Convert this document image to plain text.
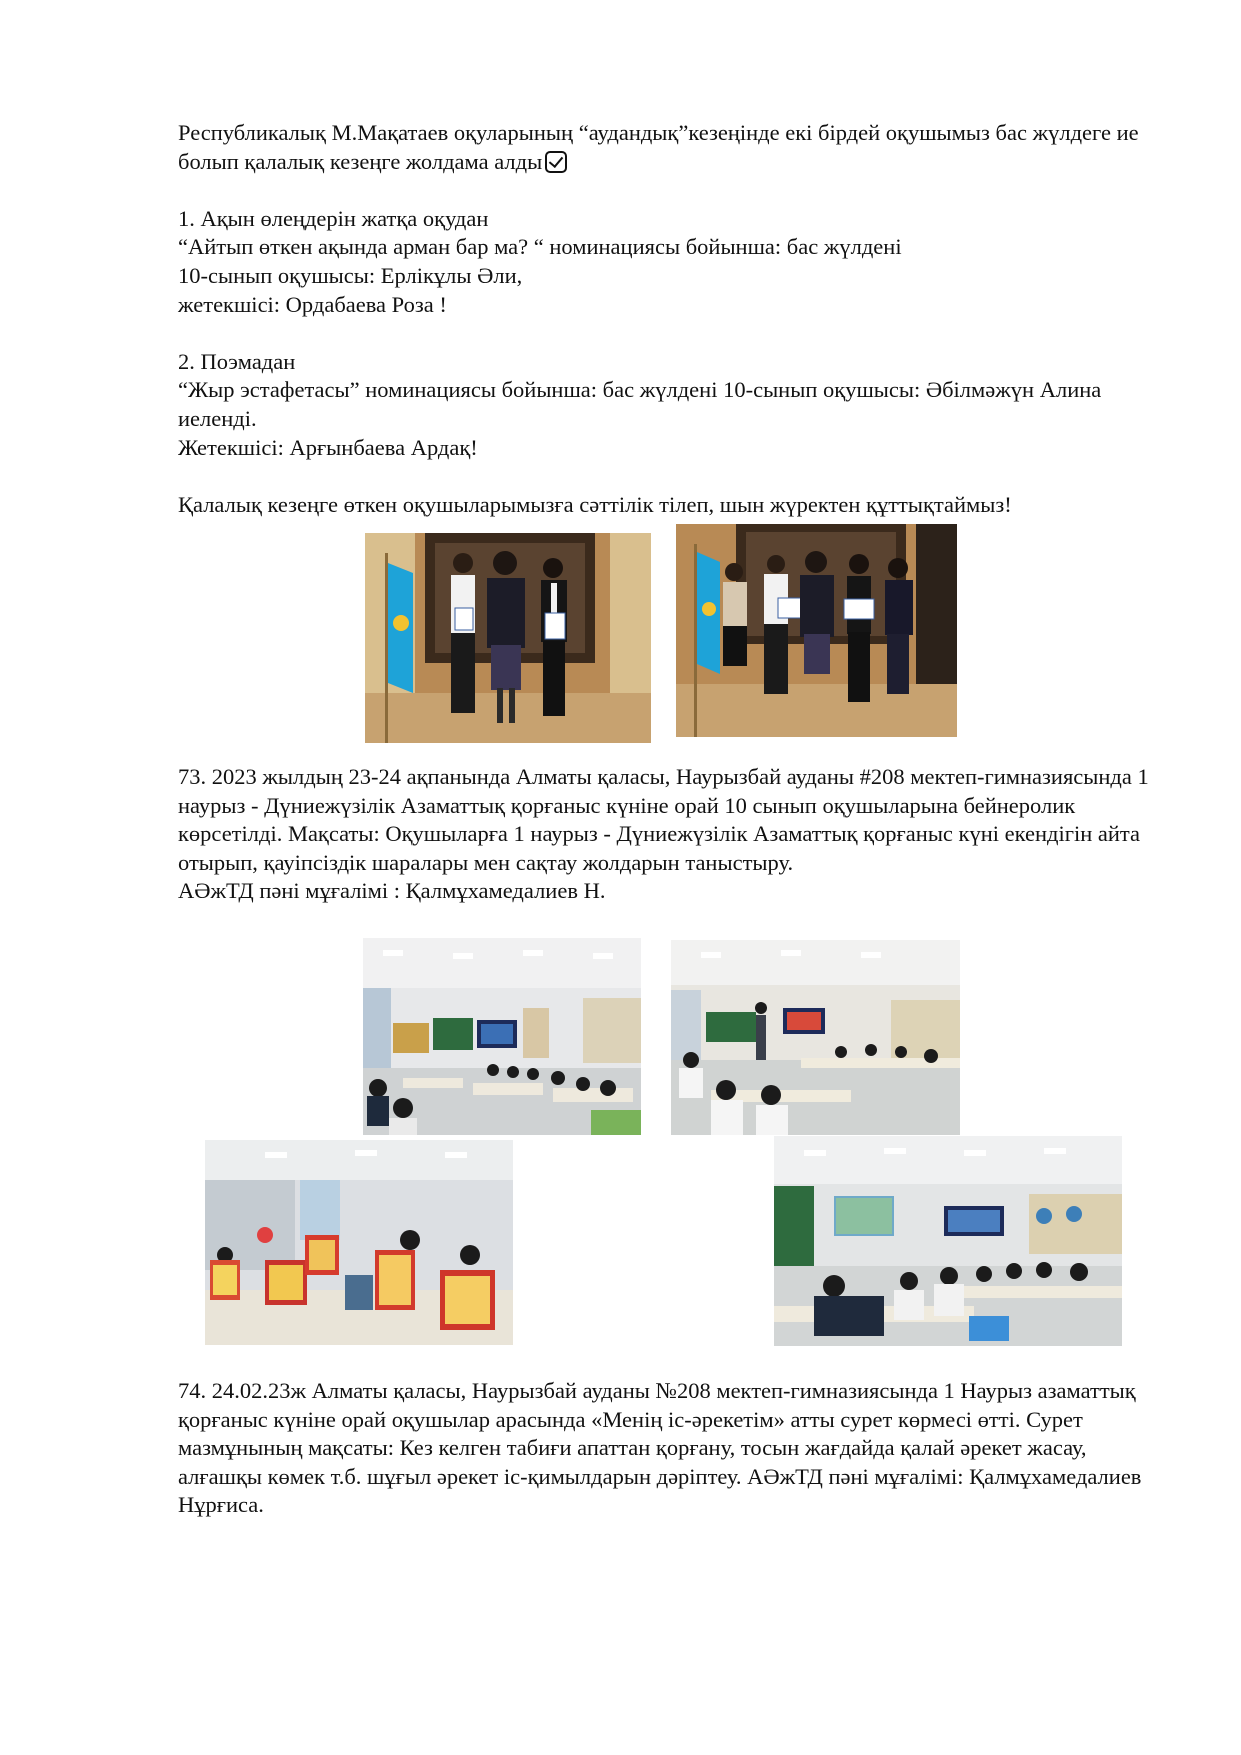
Республикалық М.Мақатаев оқуларының “аудандық”кезеңінде екі бірдей оқушымыз бас жүлдеге ие болып қалалық кезеңге жолдама алды

1. Ақын өлеңдерін жатқа оқудан

“Айтып өткен ақында арман бар ма? “ номинациясы бойынша: бас жүлдені

10-сынып оқушысы: Ерлікұлы Әли,

жетекшісі: Ордабаева Роза !

2. Поэмадан

“Жыр эстафетасы” номинациясы бойынша: бас жүлдені 10-сынып оқушысы: Әбілмәжүн Алина иеленді.

Жетекшісі: Арғынбаева Ардақ!

Қалалық кезеңге өткен оқушыларымызға сәттілік тілеп, шын жүректен құттықтаймыз!

73. 2023 жылдың 23-24 ақпанында Алматы қаласы, Наурызбай ауданы #208 мектеп-гимназиясында 1 наурыз - Дүниежүзілік Азаматтық қорғаныс күніне орай 10 сынып оқушыларына бейнеролик көрсетілді. Мақсаты: Оқушыларға 1 наурыз - Дүниежүзілік Азаматтық қорғаныс күні екендігін айта отырып, қауіпсіздік шаралары мен сақтау жолдарын таныстыру.

АӘжТД пәні мұғалімі : Қалмұхамедалиев Н.

74. 24.02.23ж Алматы қаласы, Наурызбай ауданы №208 мектеп-гимназиясында 1 Наурыз азаматтық қорғаныс күніне орай оқушылар арасында «Менің іс-әрекетім» атты сурет көрмесі өтті. Сурет мазмұнының мақсаты: Кез келген табиғи апаттан қорғану, тосын жағдайда қалай әрекет жасау, алғашқы көмек т.б. шұғыл әрекет іс-қимылдарын дәріптеу. АӘжТД пәні мұғалімі: Қалмұхамедалиев Нұрғиса.
